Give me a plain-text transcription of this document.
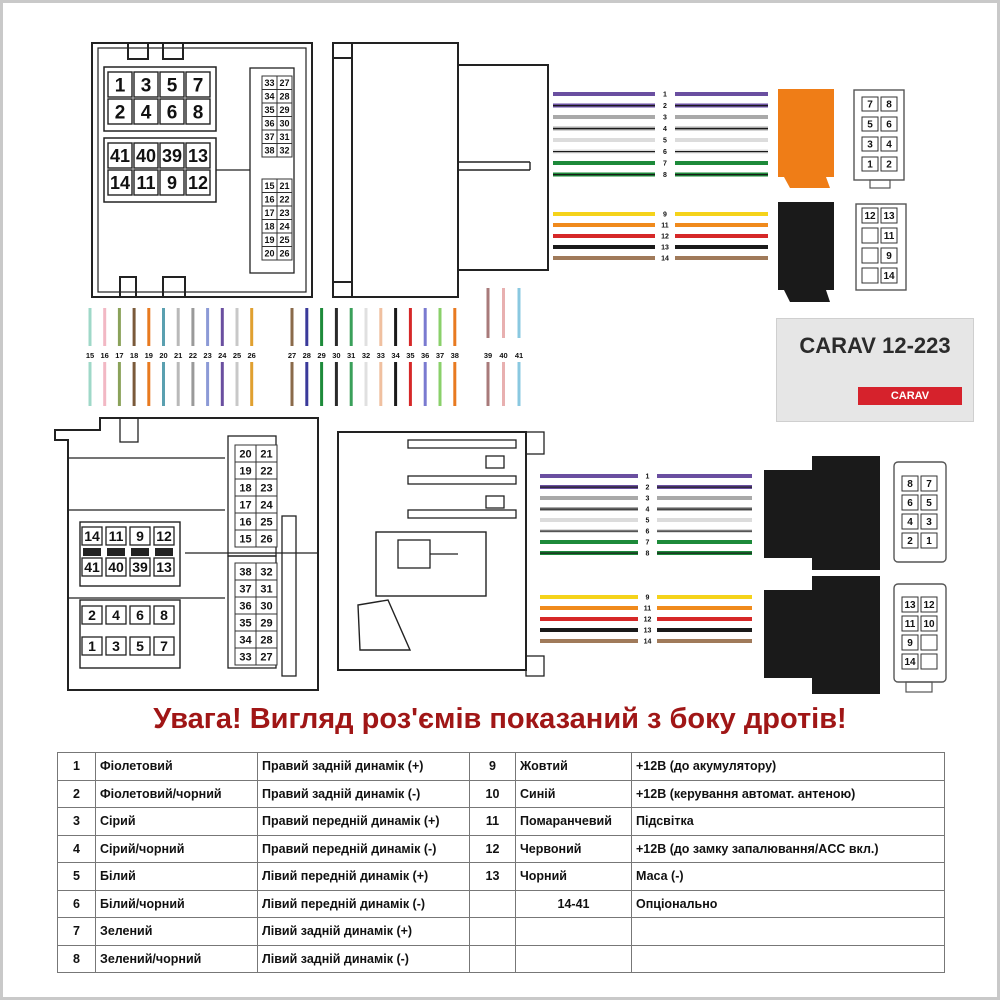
1 3 5 7
2 4 6 8
41 40 39 13
14 11 9 12
33 27
34 28
35 29
36 30
37 31
38 32
15 21
16 22
17 23
18 24
19 25
20 26
1
2
3
4
5
6
7
8
9
11
12
13
14
7 8
5 6
3 4
1 2
12 13
11
9
14
15 16 17 18 19 20 21 22 23 24 25 26	27 28 29 30 31 32 33 34 35 36 37 38	39 40 41
14 11 9 12
41 40 39 13
2 4 6 8
1 3 5 7
20 21
19 22
18 23
17 24
16 25
15 26
38 32
37 31
36 30
35 29
34 28
33 27
1
2
3
4
5
6
7
8
9
11
12
13
14
8 7
6 5
4 3
2 1
13 12
11 10
9
14
CARAV 12-223
CARAV
Увага! Вигляд роз'ємів показаний з боку дротів!
1	Фіолетовий	Правий задній динамік (+)	9	Жовтий	+12В (до акумулятору)
2	Фіолетовий/чорний	Правий задній динамік (-)	10	Синій	+12В (керування автомат. антеною)
3	Сірий	Правий передній динамік (+)	11	Помаранчевий	Підсвітка
4	Сірий/чорний	Правий передній динамік (-)	12	Червоний	+12В (до замку запалювання/ACC вкл.)
5	Білий	Лівий передній динамік (+)	13	Чорний	Маса (-)
6	Білий/чорний	Лівий передній динамік (-)		14-41	Опціонально
7	Зелений	Лівий задній динамік (+)			
8	Зелений/чорний	Лівий задній динамік (-)			
